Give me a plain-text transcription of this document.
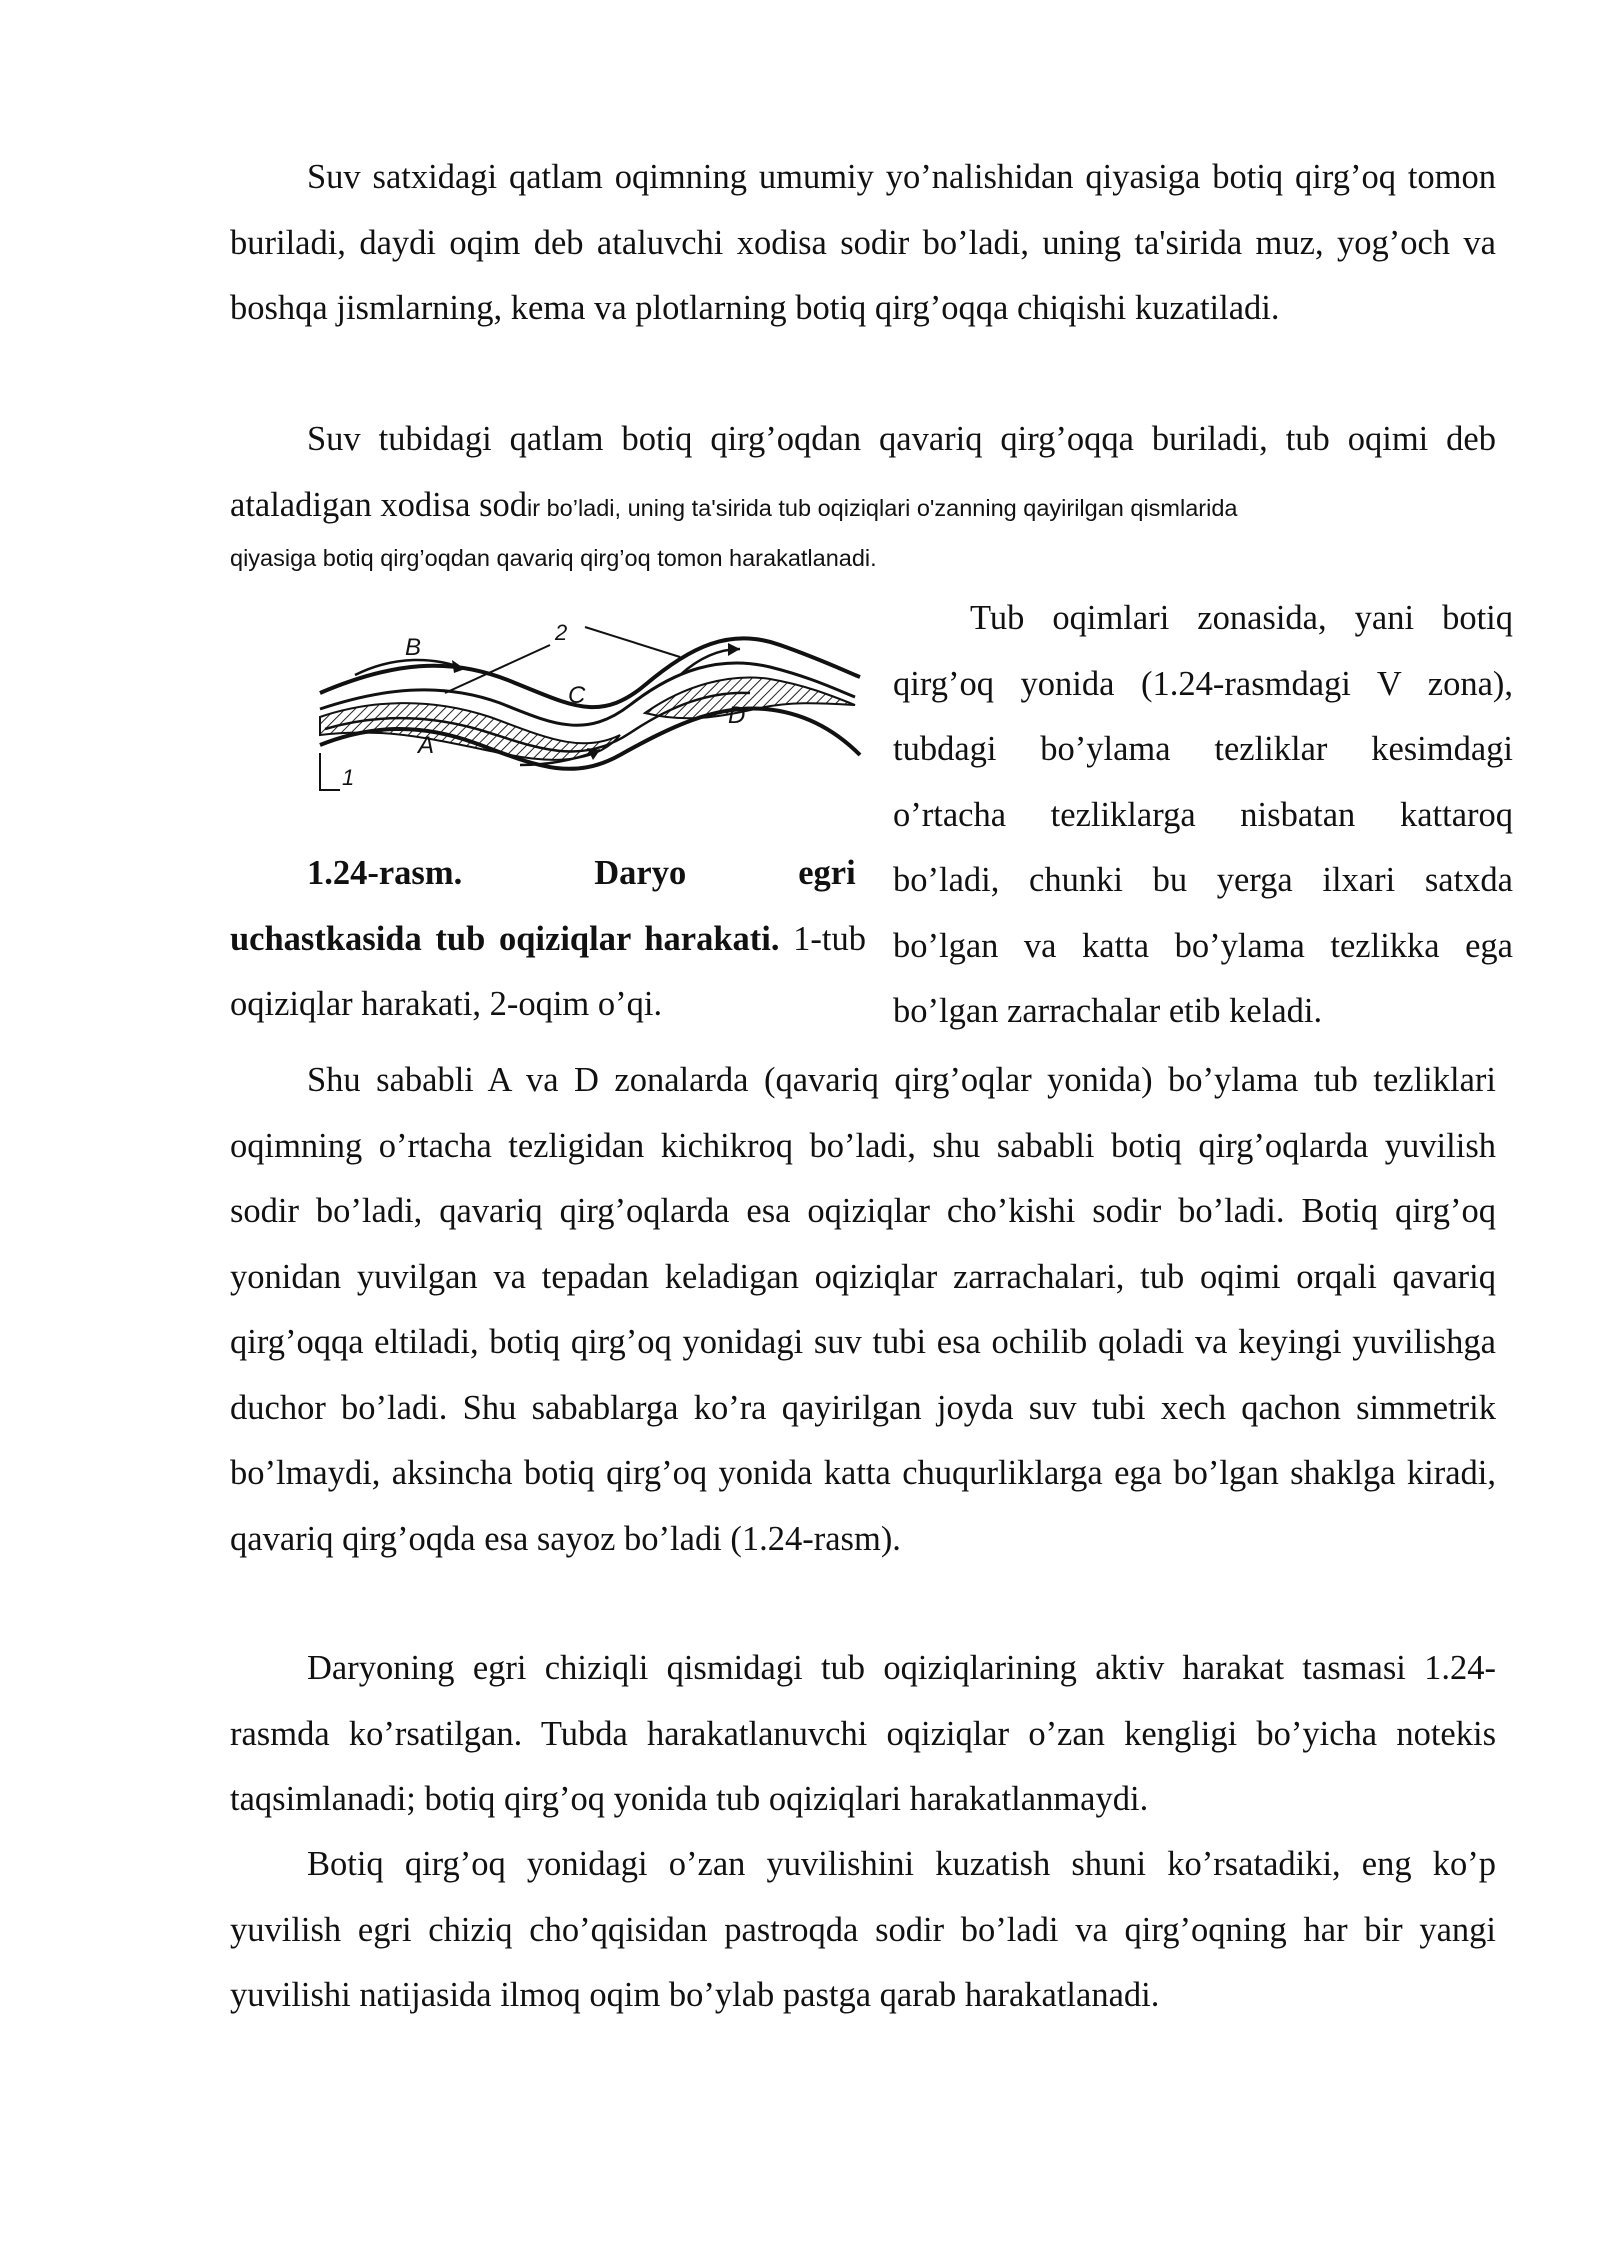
Suv satxidagi qatlam oqimning umumiy yo’nalishidan qiyasiga botiq qirg’oq tomon buriladi, daydi oqim deb ataluvchi xodisa sodir bo’ladi, uning ta'sirida muz, yog’och va boshqa jismlarning, kema va plotlarning botiq qirg’oqqa chiqishi kuzatiladi.

Suv tubidagi qatlam botiq qirg’oqdan qavariq qirg’oqqa buriladi, tub oqimi deb ataladigan xodisa sodir bo’ladi, uning ta'sirida tub oqiziqlari o'zanning qayirilgan qismlarida

qiyasiga botiq qirg’oqdan qavariq qirg’oq tomon harakatlanadi.

B
2
C
D
A
1

Tub oqimlari zonasida, yani botiq qirg’oq yonida (1.24-rasmdagi V zona), tubdagi bo’ylama tezliklar kesimdagi o’rtacha tezliklarga nisbatan kattaroq bo’ladi, chunki bu yerga ilxari satxda bo’lgan va katta bo’ylama tezlikka ega bo’lgan zarrachalar etib keladi.

1.24-rasm.	Daryo	egri
uchastkasida tub oqiziqlar harakati. 1-tub oqiziqlar harakati, 2-oqim o’qi.

Shu sababli A va D zonalarda (qavariq qirg’oqlar yonida) bo’ylama tub tezliklari oqimning o’rtacha tezligidan kichikroq bo’ladi, shu sababli botiq qirg’oqlarda yuvilish sodir bo’ladi, qavariq qirg’oqlarda esa oqiziqlar cho’kishi sodir bo’ladi. Botiq qirg’oq yonidan yuvilgan va tepadan keladigan oqiziqlar zarrachalari, tub oqimi orqali qavariq qirg’oqqa eltiladi, botiq qirg’oq yonidagi suv tubi esa ochilib qoladi va keyingi yuvilishga duchor bo’ladi. Shu sabablarga ko’ra qayirilgan joyda suv tubi xech qachon simmetrik bo’lmaydi, aksincha botiq qirg’oq yonida katta chuqurliklarga ega bo’lgan shaklga kiradi, qavariq qirg’oqda esa sayoz bo’ladi (1.24-rasm).

Daryoning egri chiziqli qismidagi tub oqiziqlarining aktiv harakat tasmasi 1.24-rasmda ko’rsatilgan. Tubda harakatlanuvchi oqiziqlar o’zan kengligi bo’yicha notekis taqsimlanadi; botiq qirg’oq yonida tub oqiziqlari harakatlanmaydi.

Botiq qirg’oq yonidagi o’zan yuvilishini kuzatish shuni ko’rsatadiki, eng ko’p yuvilish egri chiziq cho’qqisidan pastroqda sodir bo’ladi va qirg’oqning har bir yangi yuvilishi natijasida ilmoq oqim bo’ylab pastga qarab harakatlanadi.
